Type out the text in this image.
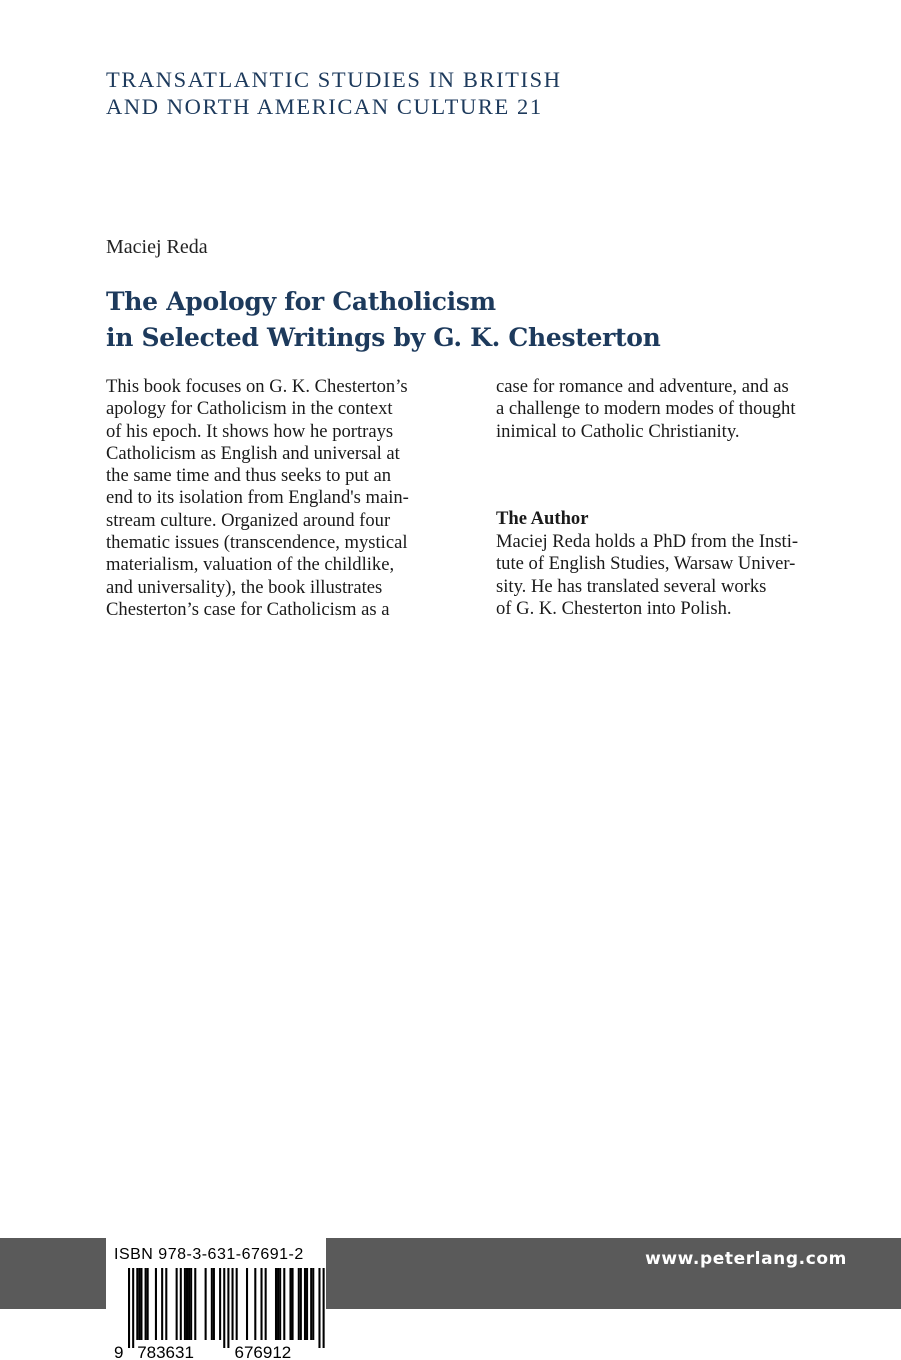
TRANSATLANTIC STUDIES IN BRITISH
AND NORTH AMERICAN CULTURE 21
Maciej Reda
The Apology for Catholicism
in Selected Writings by G. K. Chesterton
This book focuses on G. K. Chesterton’s
apology for Catholicism in the context
of his epoch. It shows how he portrays
Catholicism as English and universal at
the same time and thus seeks to put an
end to its isolation from England's main-
stream culture. Organized around four
thematic issues (transcendence, mystical
materialism, valuation of the childlike,
and universality), the book illustrates
Chesterton’s case for Catholicism as a
case for romance and adventure, and as
a challenge to modern modes of thought
inimical to Catholic Christianity.
The Author
Maciej Reda holds a PhD from the Insti-
tute of English Studies, Warsaw Univer-
sity. He has translated several works
of G. K. Chesterton into Polish.
www.peterlang.com
ISBN 978-3-631-67691-2
9 783631 676912
